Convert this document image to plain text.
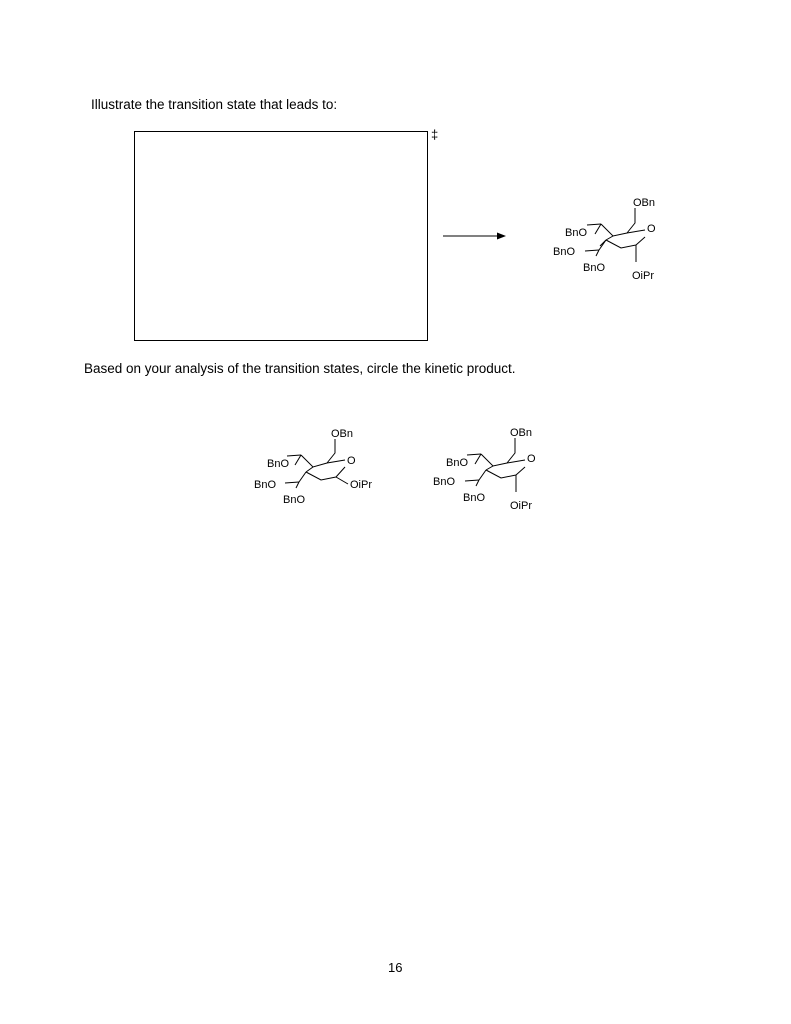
Illustrate the transition state that leads to:
‡
OBn
BnO	O
BnO
BnO
OiPr
Based on your analysis of the transition states, circle the kinetic product.
OBn
BnO	O
BnO
BnO
OiPr
OBn
BnO	O
BnO
BnO
OiPr
16
